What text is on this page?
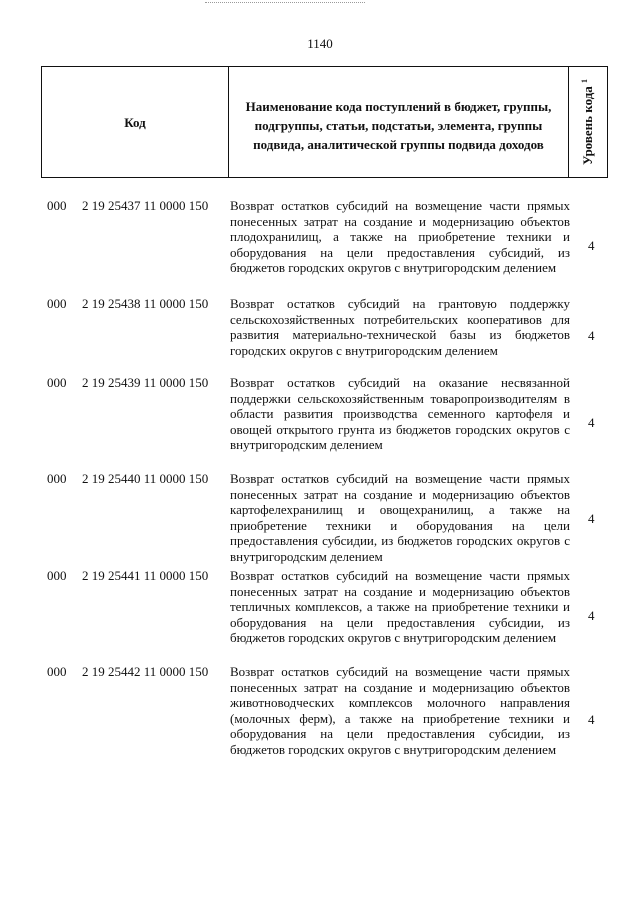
1140
Код
Наименование кода поступлений в бюджет, группы, подгруппы, статьи, подстатьи, элемента, группы подвида, аналитической группы подвида доходов	Уровень кода $^1$
000 2 19 25437 11 0000 150 Возврат остатков субсидий на возмещение части прямых понесенных затрат на создание и модернизацию объектов плодохранилищ, а также на приобретение техники и оборудования на цели предоставления субсидий, из бюджетов городских округов с внутригородским делением
4
000 2 19 25438 11 0000 150 Возврат остатков субсидий на грантовую поддержку сельскохозяйственных потребительских кооперативов для развития материально-технической базы из бюджетов городских округов с внутригородским делением
4
000 2 19 25439 11 0000 150 Возврат остатков субсидий на оказание несвязанной поддержки сельскохозяйственным товаропроизводителям в области развития производства семенного картофеля и овощей открытого грунта из бюджетов городских округов с внутригородским делением
4
000 2 19 25440 11 0000 150 Возврат остатков субсидий на возмещение части прямых понесенных затрат на создание и модернизацию объектов картофелехранилищ и овощехранилищ, а также на приобретение техники и оборудования на цели предоставления субсидии, из бюджетов городских округов с внутригородским делением
4
000 2 19 25441 11 0000 150 Возврат остатков субсидий на возмещение части прямых понесенных затрат на создание и модернизацию объектов тепличных комплексов, а также на приобретение техники и оборудования на цели предоставления субсидии, из бюджетов городских округов с внутригородским делением
4
000 2 19 25442 11 0000 150 Возврат остатков субсидий на возмещение части прямых понесенных затрат на создание и модернизацию объектов животноводческих комплексов молочного направления (молочных ферм), а также на приобретение техники и оборудования на цели предоставления субсидии, из бюджетов городских округов с внутригородским делением
4
